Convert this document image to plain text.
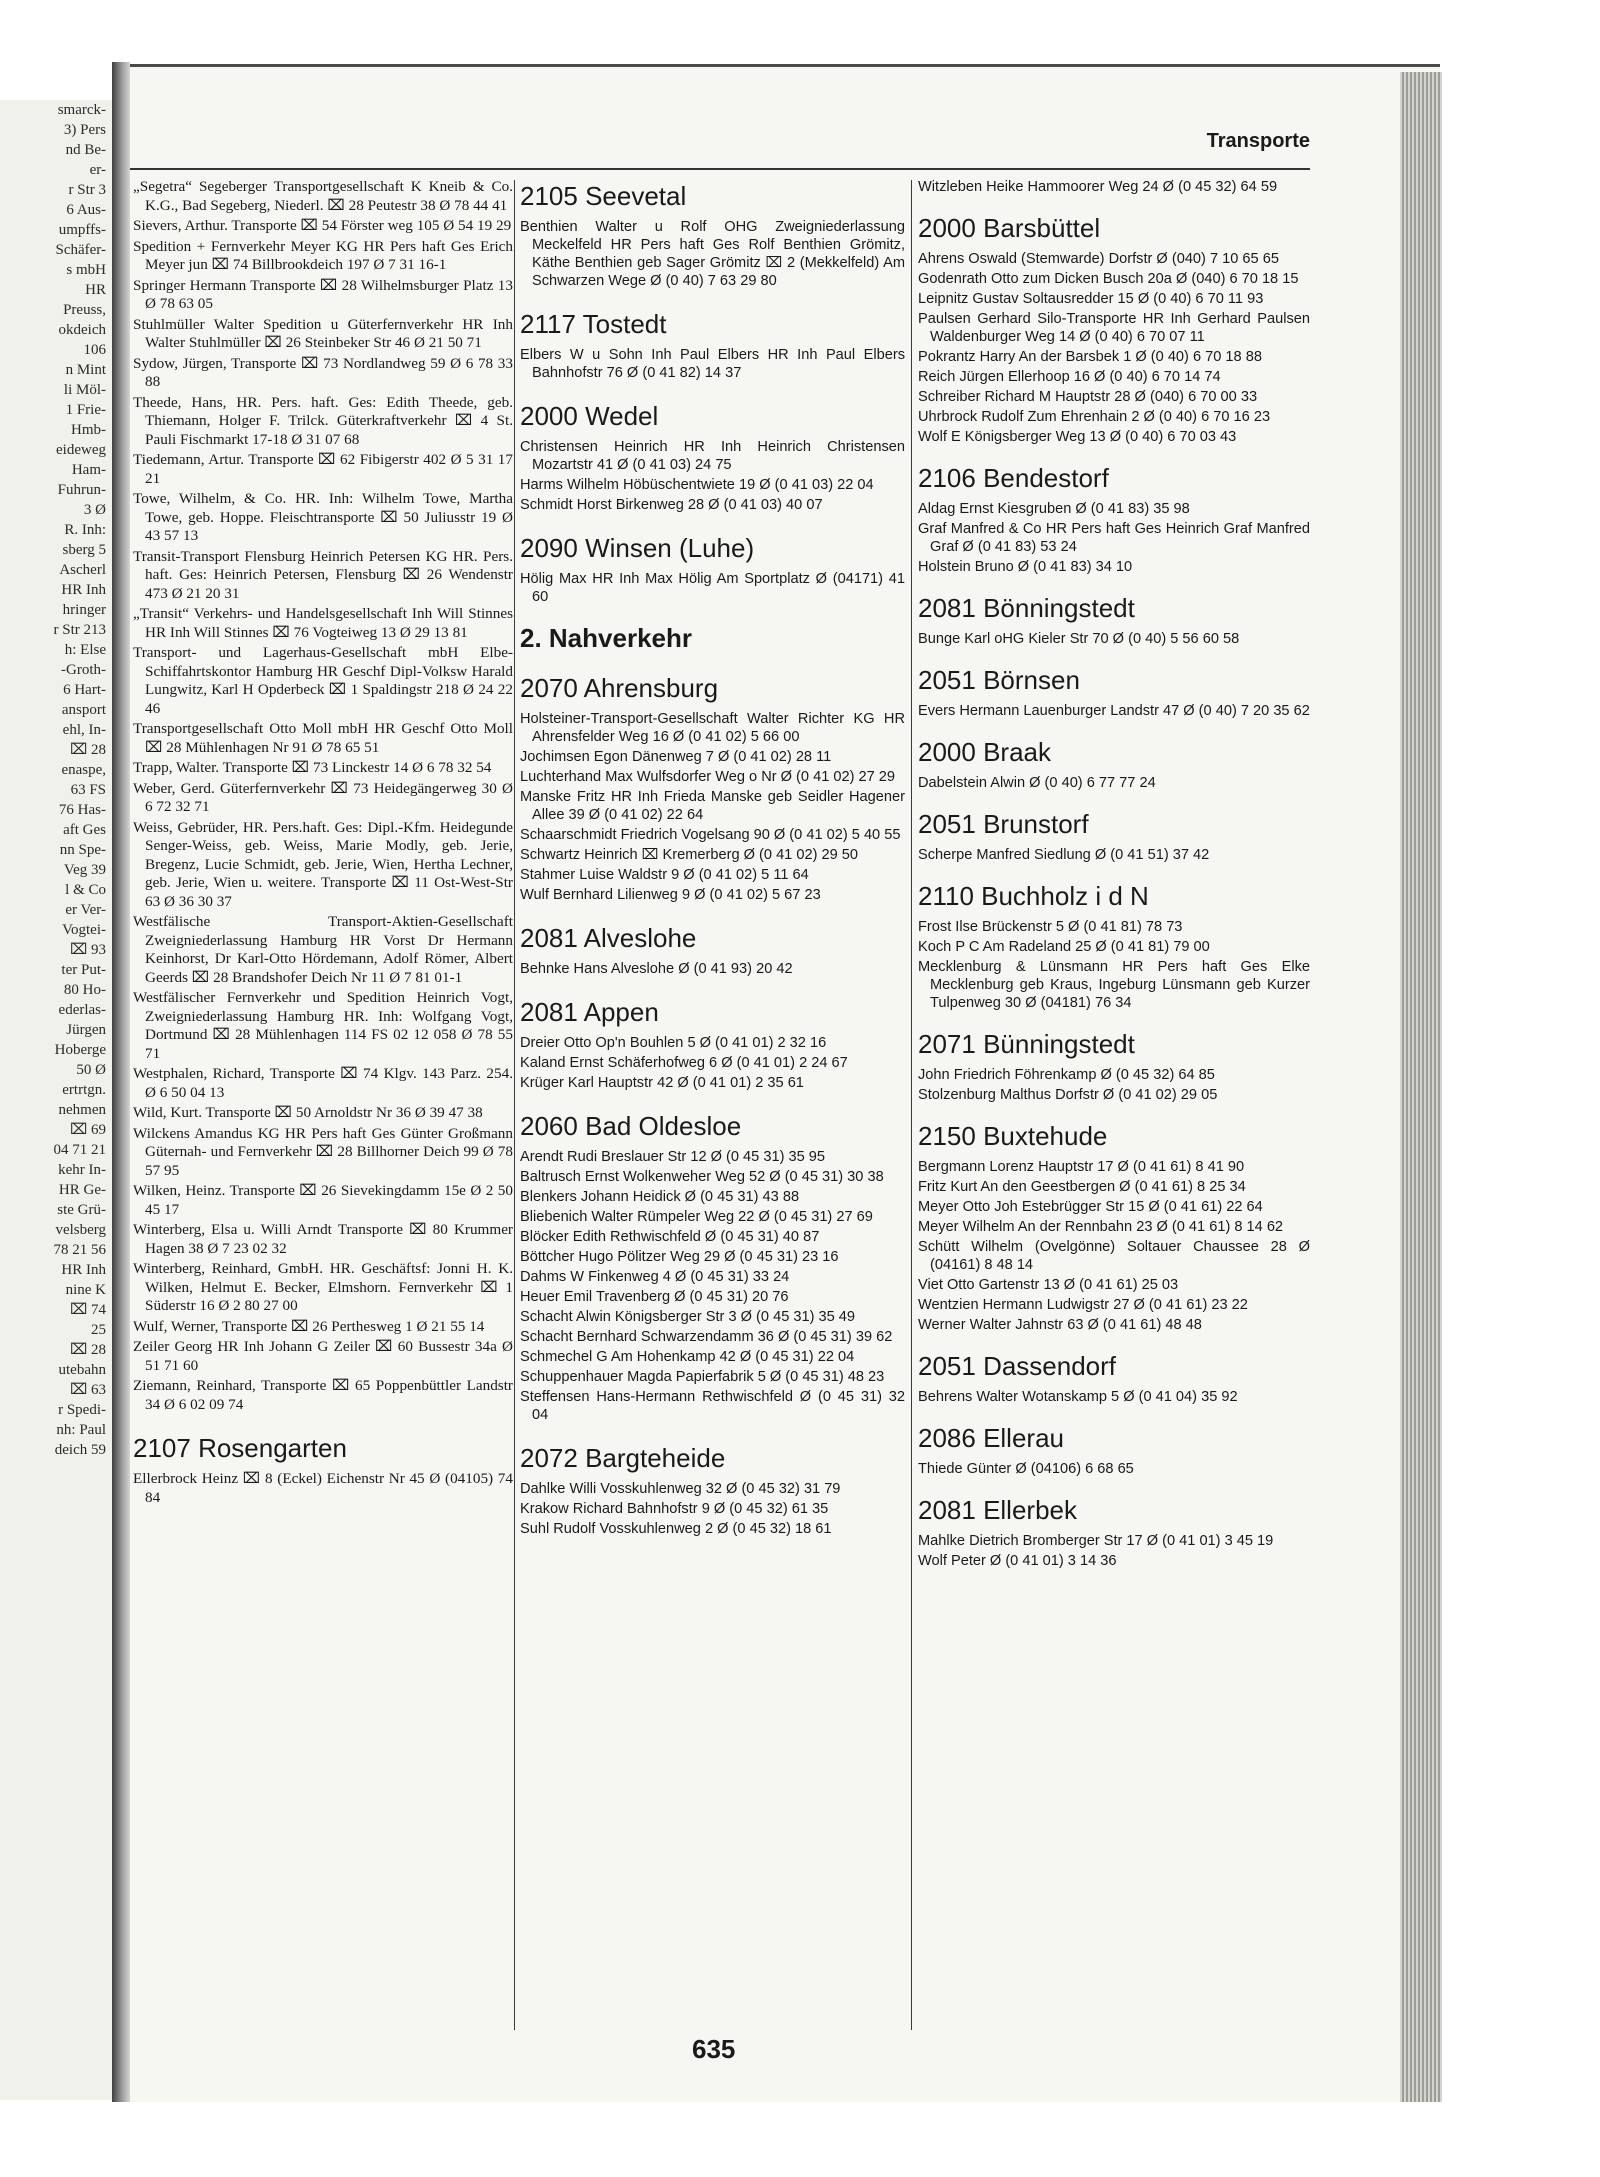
smarck-
3) Pers
nd Be-
er-
r Str 3
6 Aus-
umpffs-
Schäfer-
s mbH
HR
Preuss,
okdeich
106
n Mint
li Möl-
1 Frie-
Hmb-
eideweg
Ham-
Fuhrun-
3 Ø
R. Inh:
sberg 5
Ascherl
HR Inh
hringer
r Str 213
h: Else
-Groth-
6 Hart-
ansport
ehl, In-
⌧ 28
enaspe,
63 FS
76 Has-
aft Ges
nn Spe-
Veg 39
l & Co
er Ver-
Vogtei-
⌧ 93
ter Put-
80 Ho-
ederlas-
Jürgen
Hoberge
50 Ø
ertrtgn.
nehmen
⌧ 69
04 71 21
kehr In-
HR Ge-
ste Grü-
velsberg
78 21 56
HR Inh
nine K
⌧ 74
25
⌧ 28
utebahn
⌧ 63
r Spedi-
nh: Paul
deich 59
Transporte
„Segetra“ Segeberger Transportgesellschaft K Kneib & Co. K.G., Bad Segeberg, Niederl. ⌧ 28 Peutestr 38 Ø 78 44 41
Sievers, Arthur. Transporte ⌧ 54 Förster weg 105 Ø 54 19 29
Spedition + Fernverkehr Meyer KG HR Pers haft Ges Erich Meyer jun ⌧ 74 Billbrookdeich 197 Ø 7 31 16-1
Springer Hermann Transporte ⌧ 28 Wilhelmsburger Platz 13 Ø 78 63 05
Stuhlmüller Walter Spedition u Güterfernverkehr HR Inh Walter Stuhlmüller ⌧ 26 Steinbeker Str 46 Ø 21 50 71
Sydow, Jürgen, Transporte ⌧ 73 Nordlandweg 59 Ø 6 78 33 88
Theede, Hans, HR. Pers. haft. Ges: Edith Theede, geb. Thiemann, Holger F. Trilck. Güterkraftverkehr ⌧ 4 St. Pauli Fischmarkt 17-18 Ø 31 07 68
Tiedemann, Artur. Transporte ⌧ 62 Fibigerstr 402 Ø 5 31 17 21
Towe, Wilhelm, & Co. HR. Inh: Wilhelm Towe, Martha Towe, geb. Hoppe. Fleischtransporte ⌧ 50 Juliusstr 19 Ø 43 57 13
Transit-Transport Flensburg Heinrich Petersen KG HR. Pers. haft. Ges: Heinrich Petersen, Flensburg ⌧ 26 Wendenstr 473 Ø 21 20 31
„Transit“ Verkehrs- und Handelsgesellschaft Inh Will Stinnes HR Inh Will Stinnes ⌧ 76 Vogteiweg 13 Ø 29 13 81
Transport- und Lagerhaus-Gesellschaft mbH Elbe-Schiffahrtskontor Hamburg HR Geschf Dipl-Volksw Harald Lungwitz, Karl H Opderbeck ⌧ 1 Spaldingstr 218 Ø 24 22 46
Transportgesellschaft Otto Moll mbH HR Geschf Otto Moll ⌧ 28 Mühlenhagen Nr 91 Ø 78 65 51
Trapp, Walter. Transporte ⌧ 73 Linckestr 14 Ø 6 78 32 54
Weber, Gerd. Güterfernverkehr ⌧ 73 Heidegängerweg 30 Ø 6 72 32 71
Weiss, Gebrüder, HR. Pers.haft. Ges: Dipl.-Kfm. Heidegunde Senger-Weiss, geb. Weiss, Marie Modly, geb. Jerie, Bregenz, Lucie Schmidt, geb. Jerie, Wien, Hertha Lechner, geb. Jerie, Wien u. weitere. Transporte ⌧ 11 Ost-West-Str 63 Ø 36 30 37
Westfälische Transport-Aktien-Gesellschaft Zweigniederlassung Hamburg HR Vorst Dr Hermann Keinhorst, Dr Karl-Otto Hördemann, Adolf Römer, Albert Geerds ⌧ 28 Brandshofer Deich Nr 11 Ø 7 81 01-1
Westfälischer Fernverkehr und Spedition Heinrich Vogt, Zweigniederlassung Hamburg HR. Inh: Wolfgang Vogt, Dortmund ⌧ 28 Mühlenhagen 114 FS 02 12 058 Ø 78 55 71
Westphalen, Richard, Transporte ⌧ 74 Klgv. 143 Parz. 254. Ø 6 50 04 13
Wild, Kurt. Transporte ⌧ 50 Arnoldstr Nr 36 Ø 39 47 38
Wilckens Amandus KG HR Pers haft Ges Günter Großmann Güternah- und Fernverkehr ⌧ 28 Billhorner Deich 99 Ø 78 57 95
Wilken, Heinz. Transporte ⌧ 26 Sievekingdamm 15e Ø 2 50 45 17
Winterberg, Elsa u. Willi Arndt Transporte ⌧ 80 Krummer Hagen 38 Ø 7 23 02 32
Winterberg, Reinhard, GmbH. HR. Geschäftsf: Jonni H. K. Wilken, Helmut E. Becker, Elmshorn. Fernverkehr ⌧ 1 Süderstr 16 Ø 2 80 27 00
Wulf, Werner, Transporte ⌧ 26 Perthesweg 1 Ø 21 55 14
Zeiler Georg HR Inh Johann G Zeiler ⌧ 60 Bussestr 34a Ø 51 71 60
Ziemann, Reinhard, Transporte ⌧ 65 Poppenbüttler Landstr 34 Ø 6 02 09 74
2107 Rosengarten
Ellerbrock Heinz ⌧ 8 (Eckel) Eichenstr Nr 45 Ø (04105) 74 84
2105 Seevetal
Benthien Walter u Rolf OHG Zweigniederlassung Meckelfeld HR Pers haft Ges Rolf Benthien Grömitz, Käthe Benthien geb Sager Grömitz ⌧ 2 (Mekkelfeld) Am Schwarzen Wege Ø (0 40) 7 63 29 80
2117 Tostedt
Elbers W u Sohn Inh Paul Elbers HR Inh Paul Elbers Bahnhofstr 76 Ø (0 41 82) 14 37
2000 Wedel
Christensen Heinrich HR Inh Heinrich Christensen Mozartstr 41 Ø (0 41 03) 24 75
Harms Wilhelm Höbüschentwiete 19 Ø (0 41 03) 22 04
Schmidt Horst Birkenweg 28 Ø (0 41 03) 40 07
2090 Winsen (Luhe)
Hölig Max HR Inh Max Hölig Am Sportplatz Ø (04171) 41 60
2. Nahverkehr
2070 Ahrensburg
Holsteiner-Transport-Gesellschaft Walter Richter KG HR Ahrensfelder Weg 16 Ø (0 41 02) 5 66 00
Jochimsen Egon Dänenweg 7 Ø (0 41 02) 28 11
Luchterhand Max Wulfsdorfer Weg o Nr Ø (0 41 02) 27 29
Manske Fritz HR Inh Frieda Manske geb Seidler Hagener Allee 39 Ø (0 41 02) 22 64
Schaarschmidt Friedrich Vogelsang 90 Ø (0 41 02) 5 40 55
Schwartz Heinrich ⌧ Kremerberg Ø (0 41 02) 29 50
Stahmer Luise Waldstr 9 Ø (0 41 02) 5 11 64
Wulf Bernhard Lilienweg 9 Ø (0 41 02) 5 67 23
2081 Alveslohe
Behnke Hans Alveslohe Ø (0 41 93) 20 42
2081 Appen
Dreier Otto Op'n Bouhlen 5 Ø (0 41 01) 2 32 16
Kaland Ernst Schäferhofweg 6 Ø (0 41 01) 2 24 67
Krüger Karl Hauptstr 42 Ø (0 41 01) 2 35 61
2060 Bad Oldesloe
Arendt Rudi Breslauer Str 12 Ø (0 45 31) 35 95
Baltrusch Ernst Wolkenweher Weg 52 Ø (0 45 31) 30 38
Blenkers Johann Heidick Ø (0 45 31) 43 88
Bliebenich Walter Rümpeler Weg 22 Ø (0 45 31) 27 69
Blöcker Edith Rethwischfeld Ø (0 45 31) 40 87
Böttcher Hugo Pölitzer Weg 29 Ø (0 45 31) 23 16
Dahms W Finkenweg 4 Ø (0 45 31) 33 24
Heuer Emil Travenberg Ø (0 45 31) 20 76
Schacht Alwin Königsberger Str 3 Ø (0 45 31) 35 49
Schacht Bernhard Schwarzendamm 36 Ø (0 45 31) 39 62
Schmechel G Am Hohenkamp 42 Ø (0 45 31) 22 04
Schuppenhauer Magda Papierfabrik 5 Ø (0 45 31) 48 23
Steffensen Hans-Hermann Rethwischfeld Ø (0 45 31) 32 04
2072 Bargteheide
Dahlke Willi Vosskuhlenweg 32 Ø (0 45 32) 31 79
Krakow Richard Bahnhofstr 9 Ø (0 45 32) 61 35
Suhl Rudolf Vosskuhlenweg 2 Ø (0 45 32) 18 61
Witzleben Heike Hammoorer Weg 24 Ø (0 45 32) 64 59
2000 Barsbüttel
Ahrens Oswald (Stemwarde) Dorfstr Ø (040) 7 10 65 65
Godenrath Otto zum Dicken Busch 20a Ø (040) 6 70 18 15
Leipnitz Gustav Soltausredder 15 Ø (0 40) 6 70 11 93
Paulsen Gerhard Silo-Transporte HR Inh Gerhard Paulsen Waldenburger Weg 14 Ø (0 40) 6 70 07 11
Pokrantz Harry An der Barsbek 1 Ø (0 40) 6 70 18 88
Reich Jürgen Ellerhoop 16 Ø (0 40) 6 70 14 74
Schreiber Richard M Hauptstr 28 Ø (040) 6 70 00 33
Uhrbrock Rudolf Zum Ehrenhain 2 Ø (0 40) 6 70 16 23
Wolf E Königsberger Weg 13 Ø (0 40) 6 70 03 43
2106 Bendestorf
Aldag Ernst Kiesgruben Ø (0 41 83) 35 98
Graf Manfred & Co HR Pers haft Ges Heinrich Graf Manfred Graf Ø (0 41 83) 53 24
Holstein Bruno Ø (0 41 83) 34 10
2081 Bönningstedt
Bunge Karl oHG Kieler Str 70 Ø (0 40) 5 56 60 58
2051 Börnsen
Evers Hermann Lauenburger Landstr 47 Ø (0 40) 7 20 35 62
2000 Braak
Dabelstein Alwin Ø (0 40) 6 77 77 24
2051 Brunstorf
Scherpe Manfred Siedlung Ø (0 41 51) 37 42
2110 Buchholz i d N
Frost Ilse Brückenstr 5 Ø (0 41 81) 78 73
Koch P C Am Radeland 25 Ø (0 41 81) 79 00
Mecklenburg & Lünsmann HR Pers haft Ges Elke Mecklenburg geb Kraus, Ingeburg Lünsmann geb Kurzer Tulpenweg 30 Ø (04181) 76 34
2071 Bünningstedt
John Friedrich Föhrenkamp Ø (0 45 32) 64 85
Stolzenburg Malthus Dorfstr Ø (0 41 02) 29 05
2150 Buxtehude
Bergmann Lorenz Hauptstr 17 Ø (0 41 61) 8 41 90
Fritz Kurt An den Geestbergen Ø (0 41 61) 8 25 34
Meyer Otto Joh Estebrügger Str 15 Ø (0 41 61) 22 64
Meyer Wilhelm An der Rennbahn 23 Ø (0 41 61) 8 14 62
Schütt Wilhelm (Ovelgönne) Soltauer Chaussee 28 Ø (04161) 8 48 14
Viet Otto Gartenstr 13 Ø (0 41 61) 25 03
Wentzien Hermann Ludwigstr 27 Ø (0 41 61) 23 22
Werner Walter Jahnstr 63 Ø (0 41 61) 48 48
2051 Dassendorf
Behrens Walter Wotanskamp 5 Ø (0 41 04) 35 92
2086 Ellerau
Thiede Günter Ø (04106) 6 68 65
2081 Ellerbek
Mahlke Dietrich Bromberger Str 17 Ø (0 41 01) 3 45 19
Wolf Peter Ø (0 41 01) 3 14 36
635
